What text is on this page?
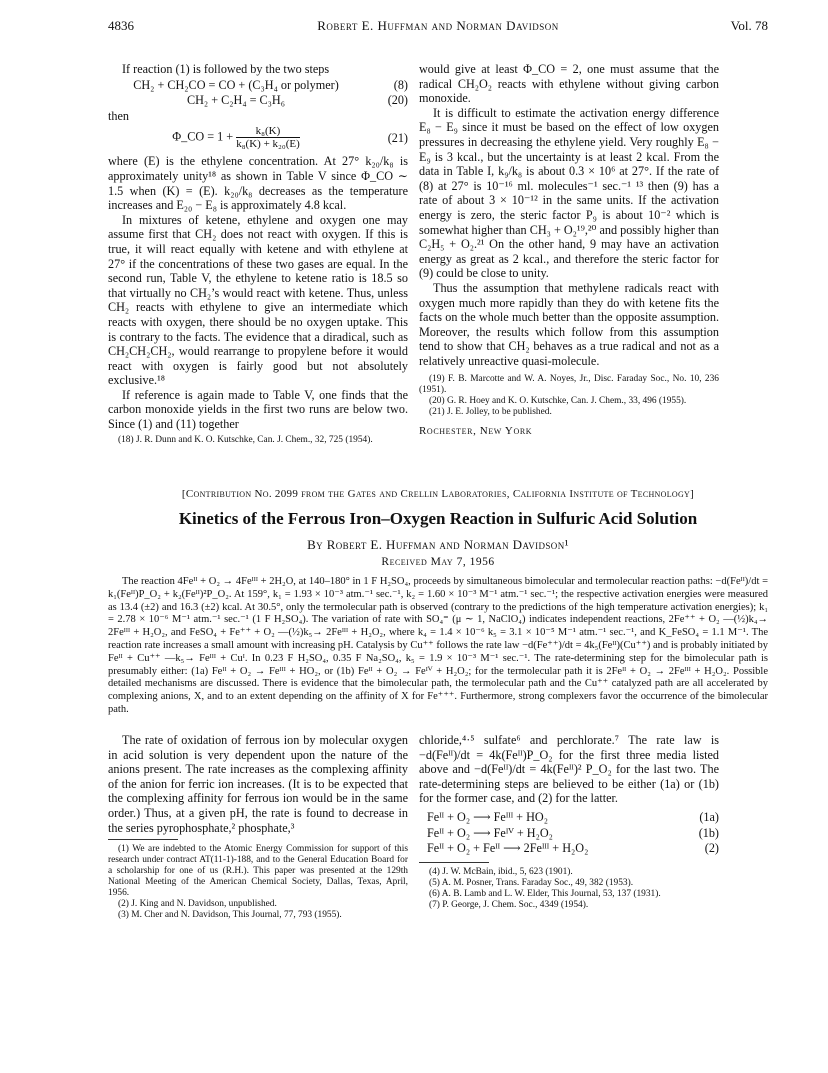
4836	Robert E. Huffman and Norman Davidson	Vol. 78

If reaction (1) is followed by the two steps

CH₂ + CH₂CO = CO + (C₃H₄ or polymer)	(8)
CH₂ + C₂H₄ = C₃H₆	(20)

then

Φ_CO = $1 + \frac{\text{k₈(K)}}{\text{k₈(K) + k₂₀(E)}}$	(21)

where (E) is the ethylene concentration. At 27° k₂₀/k₈ is approximately unity¹⁸ as shown in Table V since Φ_CO ∼ 1.5 when (K) = (E). k₂₀/k₈ decreases as the temperature increases and E₂₀ − E₈ is approximately 4.8 kcal.

In mixtures of ketene, ethylene and oxygen one may assume first that CH₂ does not react with oxygen. If this is true, it will react equally with ketene and with ethylene at 27° if the concentrations of these two gases are equal. In the second run, Table V, the ethylene to ketene ratio is 18.5 so that virtually no CH₂’s would react with ketene. Thus, unless CH₂ reacts with ethylene to give an intermediate which reacts with oxygen, there should be no oxygen uptake. This is contrary to the facts. The evidence that a diradical, such as CH₂CH₂CH₂, would rearrange to propylene before it would react with oxygen is fairly good but not absolutely exclusive.¹⁸

If reference is again made to Table V, one finds that the carbon monoxide yields in the first two runs are below two. Since (1) and (11) together

(18) J. R. Dunn and K. O. Kutschke, Can. J. Chem., 32, 725 (1954).

would give at least Φ_CO = 2, one must assume that the radical CH₂O₂ reacts with ethylene without giving carbon monoxide.

It is difficult to estimate the activation energy difference E₈ − E₉ since it must be based on the effect of low oxygen pressures in decreasing the ethylene yield. Very roughly E₈ − E₉ is 3 kcal., but the uncertainty is at least 2 kcal. From the data in Table I, k₉/k₈ is about 0.3 × 10⁶ at 27°. If the rate of (8) at 27° is 10⁻¹⁶ ml. molecules⁻¹ sec.⁻¹ ¹³ then (9) has a rate of about 3 × 10⁻¹² in the same units. If the activation energy is zero, the steric factor P₉ is about 10⁻² which is somewhat higher than CH₃ + O₂¹⁹,²⁰ and possibly higher than C₂H₅ + O₂.²¹ On the other hand, 9 may have an activation energy as great as 2 kcal., and therefore the steric factor for (9) could be close to unity.

Thus the assumption that methylene radicals react with oxygen much more rapidly than they do with ketene fits the facts on the whole much better than the opposite assumption. Moreover, the results which follow from this assumption tend to show that CH₂ behaves as a true radical and not as a relatively unreactive quasi-molecule.

(19) F. B. Marcotte and W. A. Noyes, Jr., Disc. Faraday Soc., No. 10, 236 (1951).

(20) G. R. Hoey and K. O. Kutschke, Can. J. Chem., 33, 496 (1955).

(21) J. E. Jolley, to be published.

Rochester, New York
[Contribution No. 2099 from the Gates and Crellin Laboratories, California Institute of Technology]
Kinetics of the Ferrous Iron–Oxygen Reaction in Sulfuric Acid Solution
By Robert E. Huffman and Norman Davidson¹
Received May 7, 1956
The reaction 4Feᴵᴵ + O₂ → 4Feᴵᴵᴵ + 2H₂O, at 140–180° in 1 F H₂SO₄, proceeds by simultaneous bimolecular and termolecular reaction paths: −d(Feᴵᴵ)/dt = k₁(Feᴵᴵ)P_O₂ + k₂(Feᴵᴵ)²P_O₂. At 159°, k₁ = 1.93 × 10⁻³ atm.⁻¹ sec.⁻¹, k₂ = 1.60 × 10⁻³ M⁻¹ atm.⁻¹ sec.⁻¹; the respective activation energies were measured as 13.4 (±2) and 16.3 (±2) kcal. At 30.5°, only the termolecular path is observed (contrary to the predictions of the high temperature activation energies); k₁ = 2.78 × 10⁻⁶ M⁻¹ atm.⁻¹ sec.⁻¹ (1 F H₂SO₄). The variation of rate with SO₄⁼ (μ ∼ 1, NaClO₄) indicates independent reactions, 2Fe⁺⁺ + O₂ —(½)k₄→ 2Feᴵᴵᴵ + H₂O₂, and FeSO₄ + Fe⁺⁺ + O₂ —(½)k₅→ 2Feᴵᴵᴵ + H₂O₂, where k₄ = 1.4 × 10⁻⁶ k₅ = 3.1 × 10⁻⁵ M⁻¹ atm.⁻¹ sec.⁻¹, and K_FeSO₄ = 1.1 M⁻¹. The reaction rate increases a small amount with increasing pH. Catalysis by Cu⁺⁺ follows the rate law −d(Fe⁺⁺)/dt = 4k₅(Feᴵᴵ)(Cu⁺⁺) and is probably initiated by Feᴵᴵ + Cu⁺⁺ —k₅→ Feᴵᴵᴵ + Cuᴵ. In 0.23 F H₂SO₄, 0.35 F Na₂SO₄, k₅ = 1.9 × 10⁻³ M⁻¹ sec.⁻¹. The rate-determining step for the bimolecular path is presumably either: (1a) Feᴵᴵ + O₂ → Feᴵᴵᴵ + HO₂, or (1b) Feᴵᴵ + O₂ → Feᴵⱽ + H₂O₂; for the termolecular path it is 2Feᴵᴵ + O₂ → 2Feᴵᴵᴵ + H₂O₂. Possible detailed mechanisms are discussed. There is evidence that the bimolecular path, the termolecular path and the Cu⁺⁺ catalyzed path are all accelerated by complexing anions, X, and to an extent depending on the affinity of X for Fe⁺⁺⁺. Furthermore, strong complexers favor the occurrence of the bimolecular path.

The rate of oxidation of ferrous ion by molecular oxygen in acid solution is very dependent upon the nature of the anions present. The rate increases as the complexing affinity of the anion for ferric ion increases. (It is to be expected that the complexing affinity for ferrous ion would be in the same order.) Thus, at a given pH, the rate is found to decrease in the series pyrophosphate,² phosphate,³

(1) We are indebted to the Atomic Energy Commission for support of this research under contract AT(11-1)-188, and to the General Education Board for a scholarship for one of us (R.H.). This paper was presented at the 129th National Meeting of the American Chemical Society, Dallas, Texas, April, 1956.

(2) J. King and N. Davidson, unpublished.

(3) M. Cher and N. Davidson, This Journal, 77, 793 (1955).

chloride,⁴·⁵ sulfate⁶ and perchlorate.⁷ The rate law is −d(Feᴵᴵ)/dt = 4k(Feᴵᴵ)P_O₂ for the first three media listed above and −d(Feᴵᴵ)/dt = 4k(Feᴵᴵ)² P_O₂ for the last two. The rate-determining steps are believed to be either (1a) or (1b) for the former case, and (2) for the latter.

Feᴵᴵ + O₂ ⟶ Feᴵᴵᴵ + HO₂	(1a)
Feᴵᴵ + O₂ ⟶ Feᴵⱽ + H₂O₂	(1b)
Feᴵᴵ + O₂ + Feᴵᴵ ⟶ 2Feᴵᴵᴵ + H₂O₂	(2)

(4) J. W. McBain, ibid., 5, 623 (1901).

(5) A. M. Posner, Trans. Faraday Soc., 49, 382 (1953).

(6) A. B. Lamb and L. W. Elder, This Journal, 53, 137 (1931).

(7) P. George, J. Chem. Soc., 4349 (1954).
